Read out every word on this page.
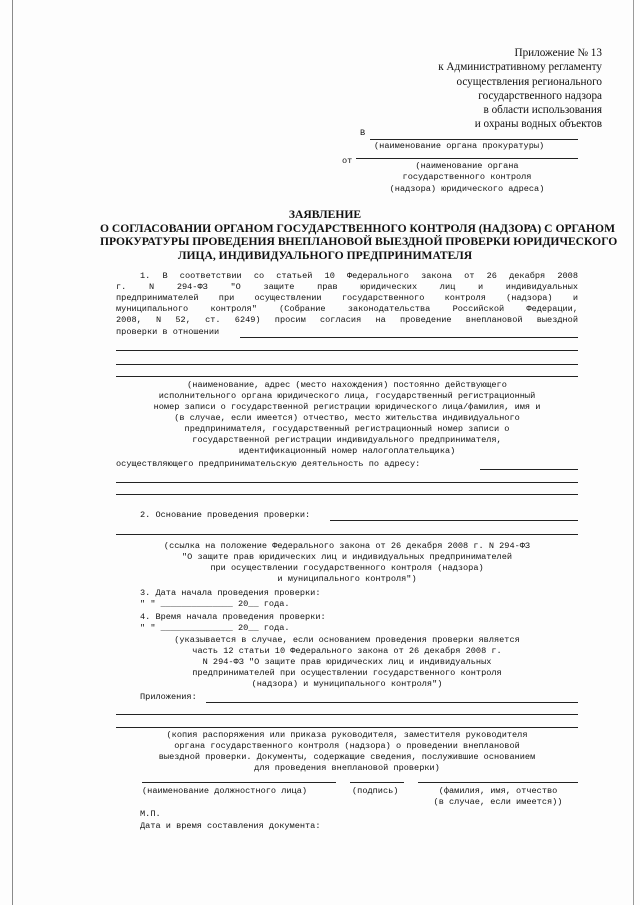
Приложение № 13
к Административному регламенту
осуществления регионального
государственного надзора
в области использования
и охраны водных объектов
В
(наименование органа прокуратуры)
от	(наименование органа
государственного контроля
(надзора) юридического адреса)
ЗАЯВЛЕНИЕ
О СОГЛАСОВАНИИ ОРГАНОМ ГОСУДАРСТВЕННОГО КОНТРОЛЯ (НАДЗОРА) С ОРГАНОМ
ПРОКУРАТУРЫ ПРОВЕДЕНИЯ ВНЕПЛАНОВОЙ ВЫЕЗДНОЙ ПРОВЕРКИ ЮРИДИЧЕСКОГО
ЛИЦА, ИНДИВИДУАЛЬНОГО ПРЕДПРИНИМАТЕЛЯ
1. В соответствии со статьей 10 Федерального закона от 26 декабря 2008
г. N 294-ФЗ "О защите прав юридических лиц и индивидуальных
предпринимателей при осуществлении государственного контроля (надзора) и
муниципального контроля" (Собрание законодательства Российской Федерации,
2008, N 52, ст. 6249) просим согласия на проведение внеплановой выездной
проверки в отношении
(наименование, адрес (место нахождения) постоянно действующего
исполнительного органа юридического лица, государственный регистрационный
номер записи о государственной регистрации юридического лица/фамилия, имя и
(в случае, если имеется) отчество, место жительства индивидуального
предпринимателя, государственный регистрационный номер записи о
государственной регистрации индивидуального предпринимателя,
идентификационный номер налогоплательщика)
осуществляющего предпринимательскую деятельность по адресу:
2. Основание проведения проверки:
(ссылка на положение Федерального закона от 26 декабря 2008 г. N 294-ФЗ
"О защите прав юридических лиц и индивидуальных предпринимателей
при осуществлении государственного контроля (надзора)
и муниципального контроля")
3. Дата начала проведения проверки:
" " ______________ 20__ года.
4. Время начала проведения проверки:
" " ______________ 20__ года.
(указывается в случае, если основанием проведения проверки является
часть 12 статьи 10 Федерального закона от 26 декабря 2008 г.
N 294-ФЗ "О защите прав юридических лиц и индивидуальных
предпринимателей при осуществлении государственного контроля
(надзора) и муниципального контроля")
Приложения:
(копия распоряжения или приказа руководителя, заместителя руководителя
органа государственного контроля (надзора) о проведении внеплановой
выездной проверки. Документы, содержащие сведения, послужившие основанием
для проведения внеплановой проверки)
(наименование должностного лица)	(подпись)	(фамилия, имя, отчество
(в случае, если имеется))
М.П.
Дата и время составления документа:
